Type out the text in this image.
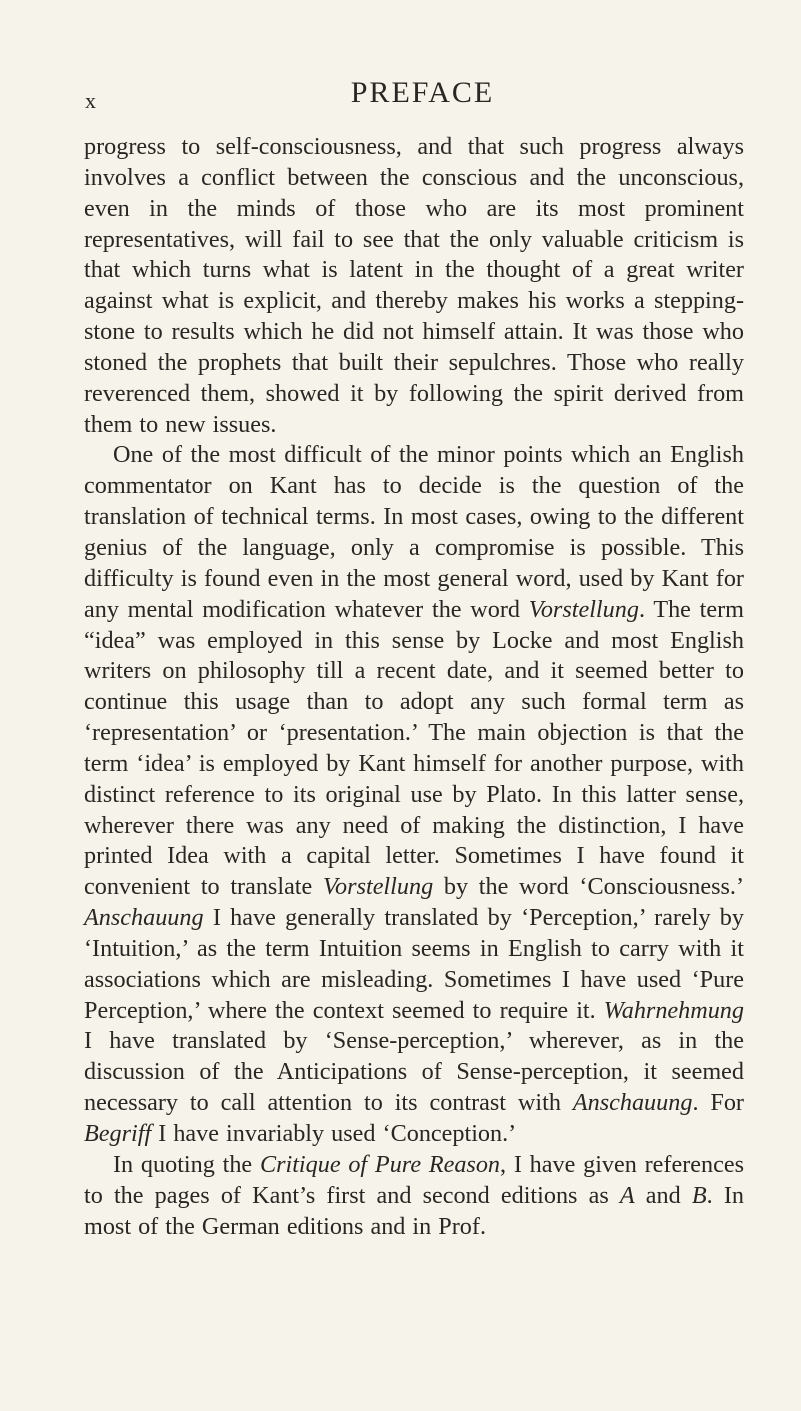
x	PREFACE

progress to self-consciousness, and that such progress always involves a conflict between the conscious and the unconscious, even in the minds of those who are its most prominent representatives, will fail to see that the only valuable criticism is that which turns what is latent in the thought of a great writer against what is explicit, and thereby makes his works a stepping-stone to results which he did not himself attain. It was those who stoned the prophets that built their sepulchres. Those who really reverenced them, showed it by following the spirit derived from them to new issues.

One of the most difficult of the minor points which an English commentator on Kant has to decide is the question of the translation of technical terms. In most cases, owing to the different genius of the language, only a compromise is possible. This difficulty is found even in the most general word, used by Kant for any mental modification whatever the word Vorstellung. The term “idea” was employed in this sense by Locke and most English writers on philosophy till a recent date, and it seemed better to continue this usage than to adopt any such formal term as ‘representation’ or ‘presentation.’ The main objection is that the term ‘idea’ is employed by Kant himself for another purpose, with distinct reference to its original use by Plato. In this latter sense, wherever there was any need of making the distinction, I have printed Idea with a capital letter. Sometimes I have found it convenient to translate Vorstellung by the word ‘Consciousness.’ Anschauung I have generally translated by ‘Perception,’ rarely by ‘Intuition,’ as the term Intuition seems in English to carry with it associations which are misleading. Sometimes I have used ‘Pure Perception,’ where the context seemed to require it. Wahrnehmung I have translated by ‘Sense-perception,’ wherever, as in the discussion of the Anticipations of Sense-perception, it seemed necessary to call attention to its contrast with Anschauung. For Begriff I have invariably used ‘Conception.’

In quoting the Critique of Pure Reason, I have given references to the pages of Kant’s first and second editions as A and B. In most of the German editions and in Prof.
